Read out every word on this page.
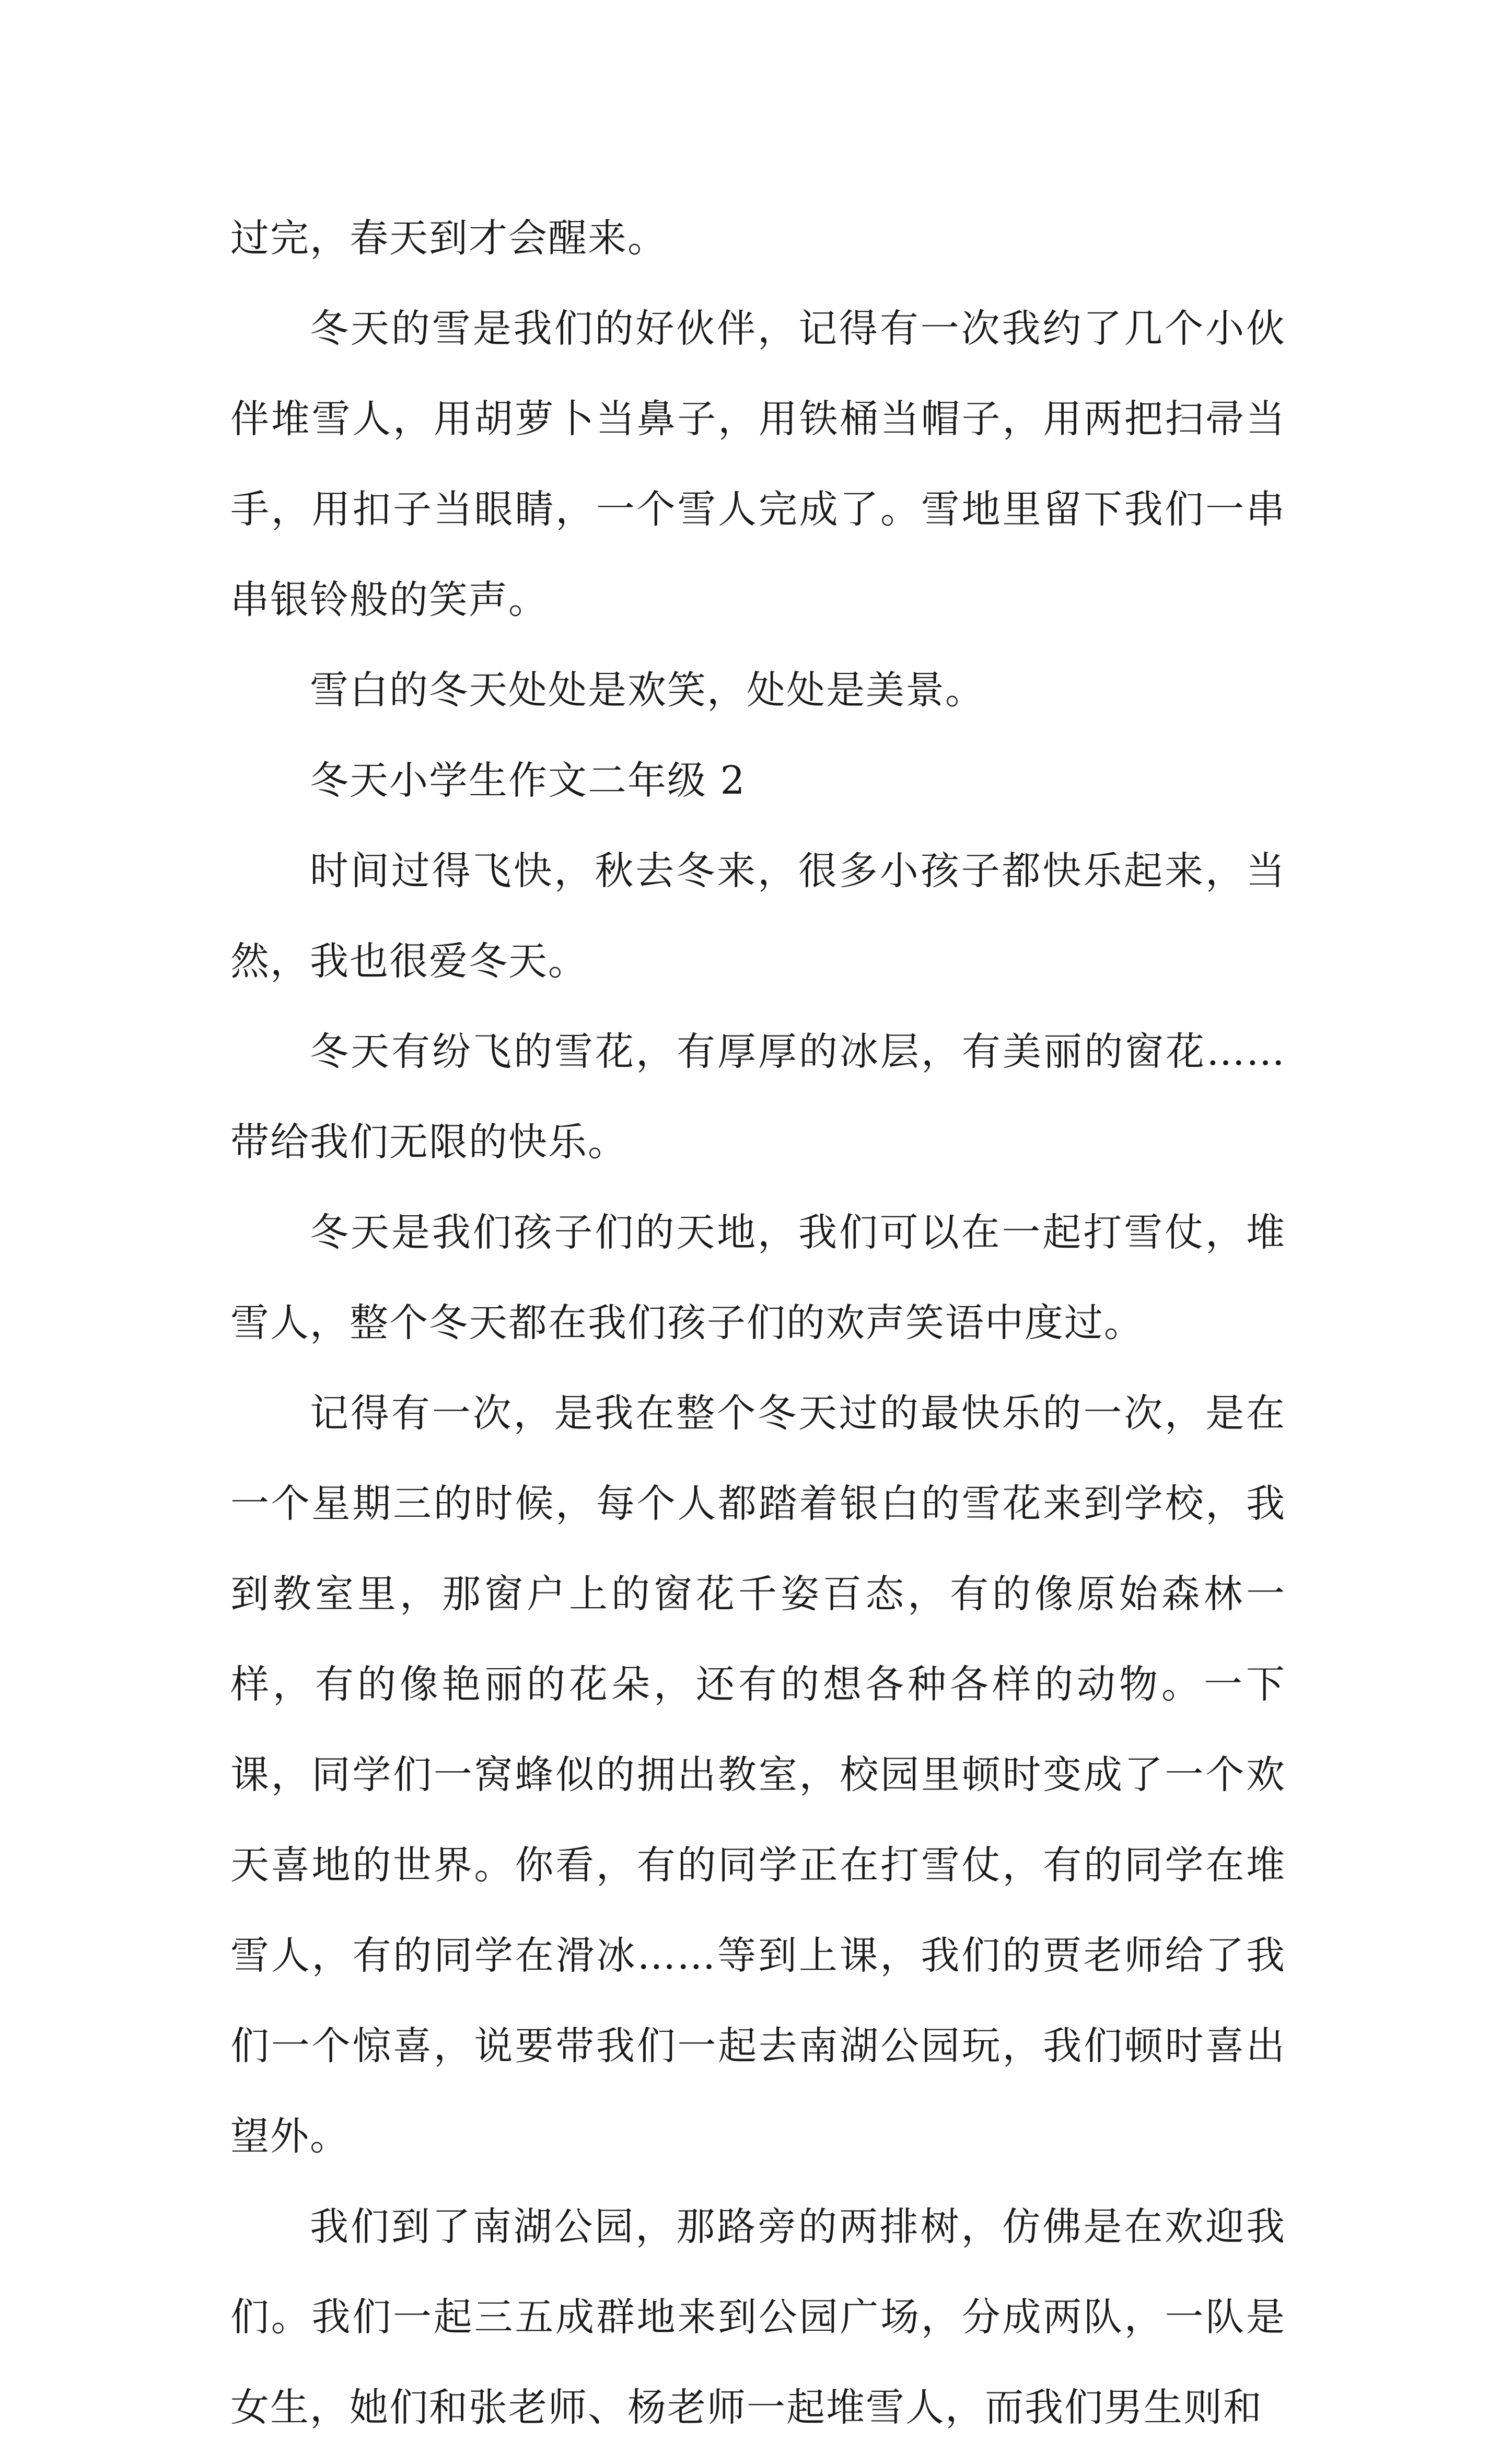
过完，春天到才会醒来。

冬天的雪是我们的好伙伴，记得有一次我约了几个小伙伴堆雪人，用胡萝卜当鼻子，用铁桶当帽子，用两把扫帚当手，用扣子当眼睛，一个雪人完成了。雪地里留下我们一串串银铃般的笑声。

雪白的冬天处处是欢笑，处处是美景。

冬天小学生作文二年级 2

时间过得飞快，秋去冬来，很多小孩子都快乐起来，当然，我也很爱冬天。

冬天有纷飞的雪花，有厚厚的冰层，有美丽的窗花……带给我们无限的快乐。

冬天是我们孩子们的天地，我们可以在一起打雪仗，堆雪人，整个冬天都在我们孩子们的欢声笑语中度过。

记得有一次，是我在整个冬天过的最快乐的一次，是在一个星期三的时候，每个人都踏着银白的雪花来到学校，我到教室里，那窗户上的窗花千姿百态，有的像原始森林一样，有的像艳丽的花朵，还有的想各种各样的动物。一下课，同学们一窝蜂似的拥出教室，校园里顿时变成了一个欢天喜地的世界。你看，有的同学正在打雪仗，有的同学在堆雪人，有的同学在滑冰……等到上课，我们的贾老师给了我们一个惊喜，说要带我们一起去南湖公园玩，我们顿时喜出望外。

我们到了南湖公园，那路旁的两排树，仿佛是在欢迎我们。我们一起三五成群地来到公园广场，分成两队，一队是女生，她们和张老师、杨老师一起堆雪人，而我们男生则和
